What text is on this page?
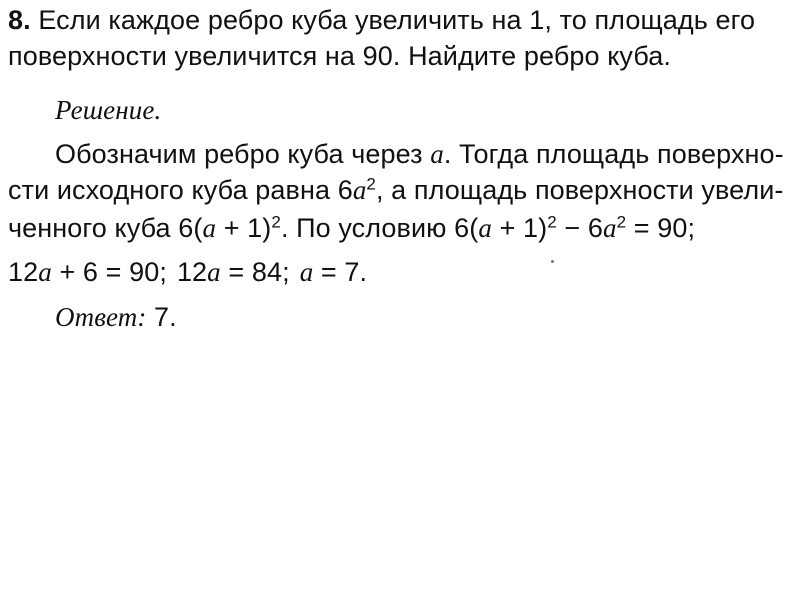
8. Если каждое ребро куба увеличить на 1, то площадь его
поверхности увеличится на 90. Найдите ребро куба.
Решение.
Обозначим ребро куба через a. Тогда площадь поверхно-
сти исходного куба равна $6a^2$, а площадь поверхности увели-
ченного куба $6(a + 1)^2$. По условию $6(a + 1)^2 - 6a^2 = 90$;
12a + 6 = 90; 12a = 84; a = 7.
Ответ: 7.
